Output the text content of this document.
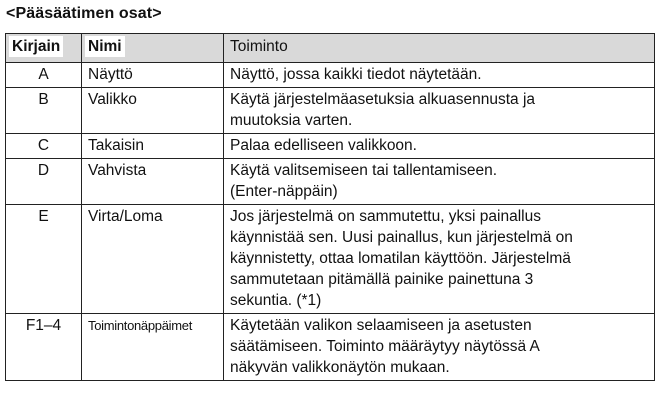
<Pääsäätimen osat>
Kirjain	Nimi	Toiminto
A	Näyttö	Näyttö, jossa kaikki tiedot näytetään.

B	Valikko	Käytä järjestelmäasetuksia alkuasennusta ja
muutoksia varten.

C	Takaisin	Palaa edelliseen valikkoon.

D	Vahvista	Käytä valitsemiseen tai tallentamiseen.
(Enter-näppäin)

E	Virta/Loma	Jos järjestelmä on sammutettu, yksi painallus
käynnistää sen. Uusi painallus, kun järjestelmä on
käynnistetty, ottaa lomatilan käyttöön. Järjestelmä
sammutetaan pitämällä painike painettuna 3
sekuntia. (*1)

F1–4	Toimintonäppäimet	Käytetään valikon selaamiseen ja asetusten
säätämiseen. Toiminto määräytyy näytössä A
näkyvän valikkonäytön mukaan.
